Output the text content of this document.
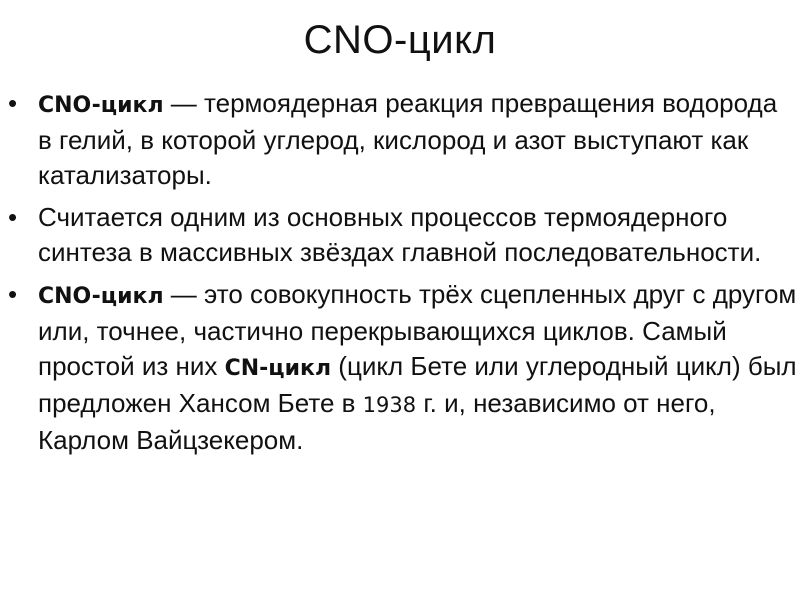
CNO-цикл
• CNO-цикл — термоядерная реакция превращения водорода в гелий, в которой углерод, кислород и азот выступают как катализаторы.
• Считается одним из основных процессов термоядерного синтеза в массивных звёздах главной последовательности.
• CNO-цикл — это совокупность трёх сцепленных друг с другом или, точнее, частично перекрывающихся циклов. Самый простой из них CN-цикл (цикл Бете или углеродный цикл) был предложен Хансом Бете в 1938 г. и, независимо от него, Карлом Вайцзекером.
